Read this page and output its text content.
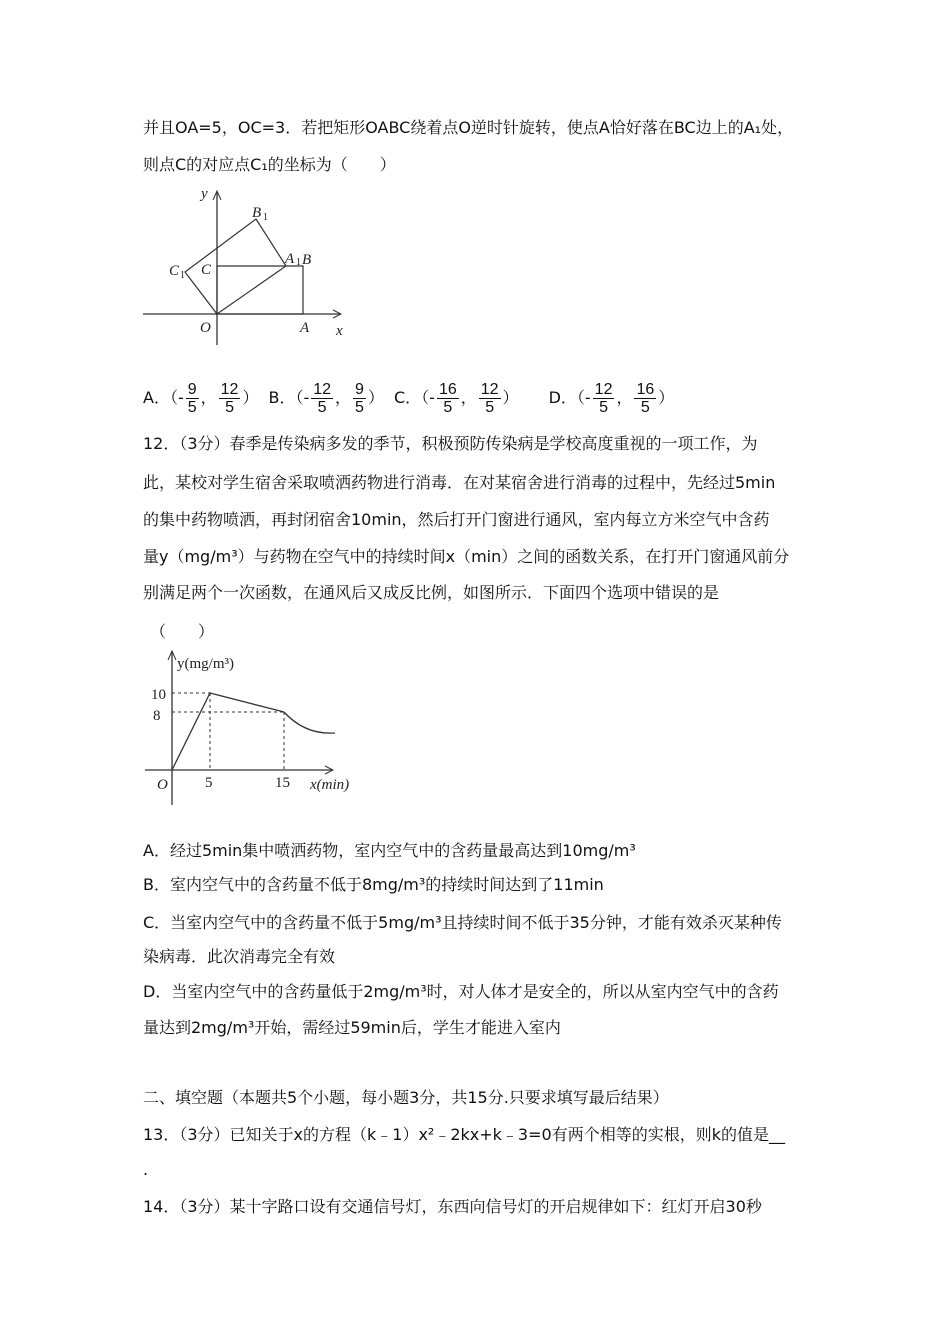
并且OA=5，OC=3．若把矩形OABC绕着点O逆时针旋转，使点A恰好落在BC边上的A₁处，
则点C的对应点C₁的坐标为（　　）
y
x
O	A
B
C
A 1
B 1
C 1
A．（- $\frac{9}{5}$ ， $\frac{12}{5}$ ） B．（- $\frac{12}{5}$ ， $\frac{9}{5}$ ） C．（- $\frac{16}{5}$ ， $\frac{12}{5}$ ） D．（- $\frac{12}{5}$ ， $\frac{16}{5}$ ）
12．（3分）春季是传染病多发的季节，积极预防传染病是学校高度重视的一项工作，为
此，某校对学生宿舍采取喷洒药物进行消毒．在对某宿舍进行消毒的过程中，先经过5min
的集中药物喷洒，再封闭宿舍10min，然后打开门窗进行通风，室内每立方米空气中含药
量y（mg/m³）与药物在空气中的持续时间x（min）之间的函数关系，在打开门窗通风前分
别满足两个一次函数，在通风后又成反比例，如图所示．下面四个选项中错误的是
（　　）
y(mg/m³)
x(min)
O
10
8
5	15
A．经过5min集中喷洒药物，室内空气中的含药量最高达到10mg/m³
B．室内空气中的含药量不低于8mg/m³的持续时间达到了11min
C．当室内空气中的含药量不低于5mg/m³且持续时间不低于35分钟，才能有效杀灭某种传
染病毒．此次消毒完全有效
D．当室内空气中的含药量低于2mg/m³时，对人体才是安全的，所以从室内空气中的含药
量达到2mg/m³开始，需经过59min后，学生才能进入室内
二、填空题（本题共5个小题，每小题3分，共15分.只要求填写最后结果）
13．（3分）已知关于x的方程（k﹣1）x²﹣2kx+k﹣3=0有两个相等的实根，则k的值是__
.
14．（3分）某十字路口设有交通信号灯，东西向信号灯的开启规律如下：红灯开启30秒
